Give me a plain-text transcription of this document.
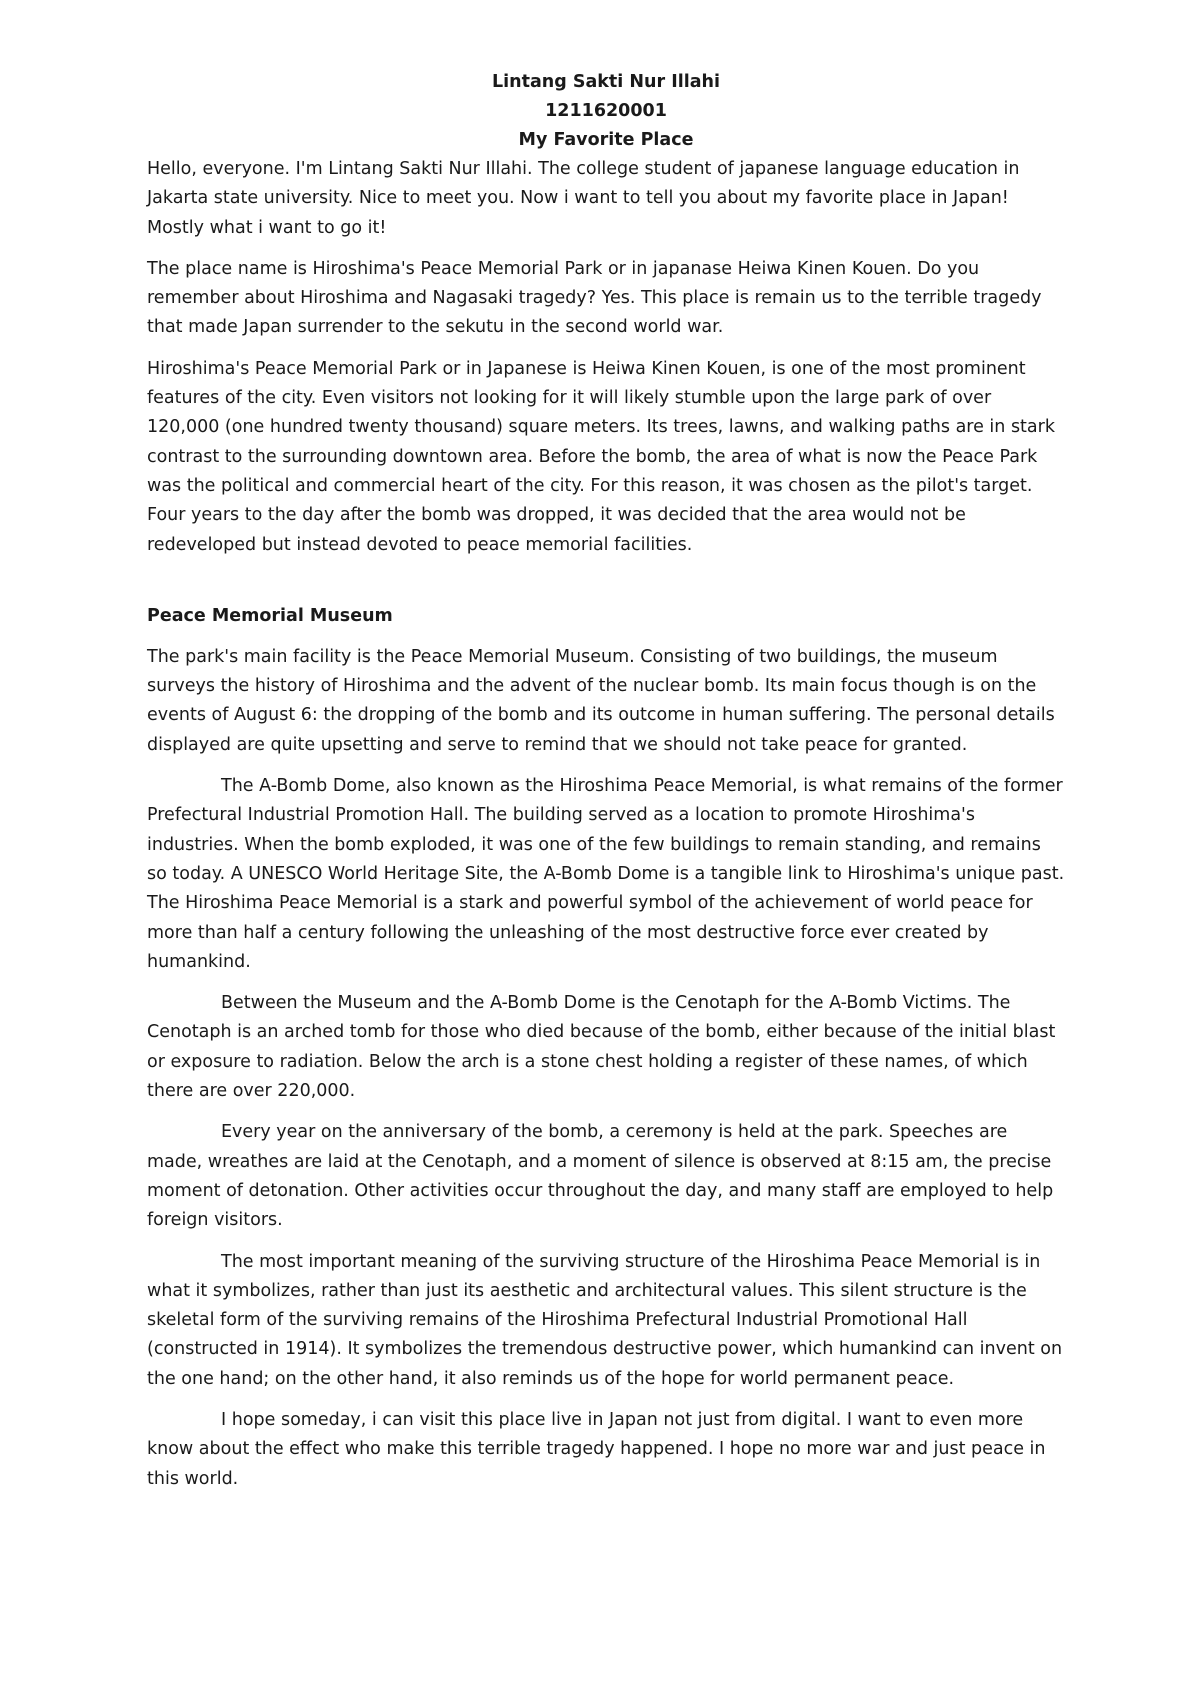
Lintang Sakti Nur Illahi
1211620001
My Favorite Place

Hello, everyone. I'm Lintang Sakti Nur Illahi. The college student of japanese language education in Jakarta state university. Nice to meet you. Now i want to tell you about my favorite place in Japan! Mostly what i want to go it!

The place name is Hiroshima's Peace Memorial Park or in japanase Heiwa Kinen Kouen. Do you remember about Hiroshima and Nagasaki tragedy? Yes. This place is remain us to the terrible tragedy that made Japan surrender to the sekutu in the second world war.

Hiroshima's Peace Memorial Park or in Japanese is Heiwa Kinen Kouen, is one of the most prominent features of the city. Even visitors not looking for it will likely stumble upon the large park of over 120,000 (one hundred twenty thousand) square meters. Its trees, lawns, and walking paths are in stark contrast to the surrounding downtown area. Before the bomb, the area of what is now the Peace Park was the political and commercial heart of the city. For this reason, it was chosen as the pilot's target. Four years to the day after the bomb was dropped, it was decided that the area would not be redeveloped but instead devoted to peace memorial facilities.

Peace Memorial Museum

The park's main facility is the Peace Memorial Museum. Consisting of two buildings, the museum surveys the history of Hiroshima and the advent of the nuclear bomb. Its main focus though is on the events of August 6: the dropping of the bomb and its outcome in human suffering. The personal details displayed are quite upsetting and serve to remind that we should not take peace for granted.

The A-Bomb Dome, also known as the Hiroshima Peace Memorial, is what remains of the former Prefectural Industrial Promotion Hall. The building served as a location to promote Hiroshima's industries. When the bomb exploded, it was one of the few buildings to remain standing, and remains so today. A UNESCO World Heritage Site, the A-Bomb Dome is a tangible link to Hiroshima's unique past. The Hiroshima Peace Memorial is a stark and powerful symbol of the achievement of world peace for more than half a century following the unleashing of the most destructive force ever created by humankind.

Between the Museum and the A-Bomb Dome is the Cenotaph for the A-Bomb Victims. The Cenotaph is an arched tomb for those who died because of the bomb, either because of the initial blast or exposure to radiation. Below the arch is a stone chest holding a register of these names, of which there are over 220,000.

Every year on the anniversary of the bomb, a ceremony is held at the park. Speeches are made, wreathes are laid at the Cenotaph, and a moment of silence is observed at 8:15 am, the precise moment of detonation. Other activities occur throughout the day, and many staff are employed to help foreign visitors.

The most important meaning of the surviving structure of the Hiroshima Peace Memorial is in what it symbolizes, rather than just its aesthetic and architectural values. This silent structure is the skeletal form of the surviving remains of the Hiroshima Prefectural Industrial Promotional Hall (constructed in 1914). It symbolizes the tremendous destructive power, which humankind can invent on the one hand; on the other hand, it also reminds us of the hope for world permanent peace.

I hope someday, i can visit this place live in Japan not just from digital. I want to even more know about the effect who make this terrible tragedy happened. I hope no more war and just peace in this world.
